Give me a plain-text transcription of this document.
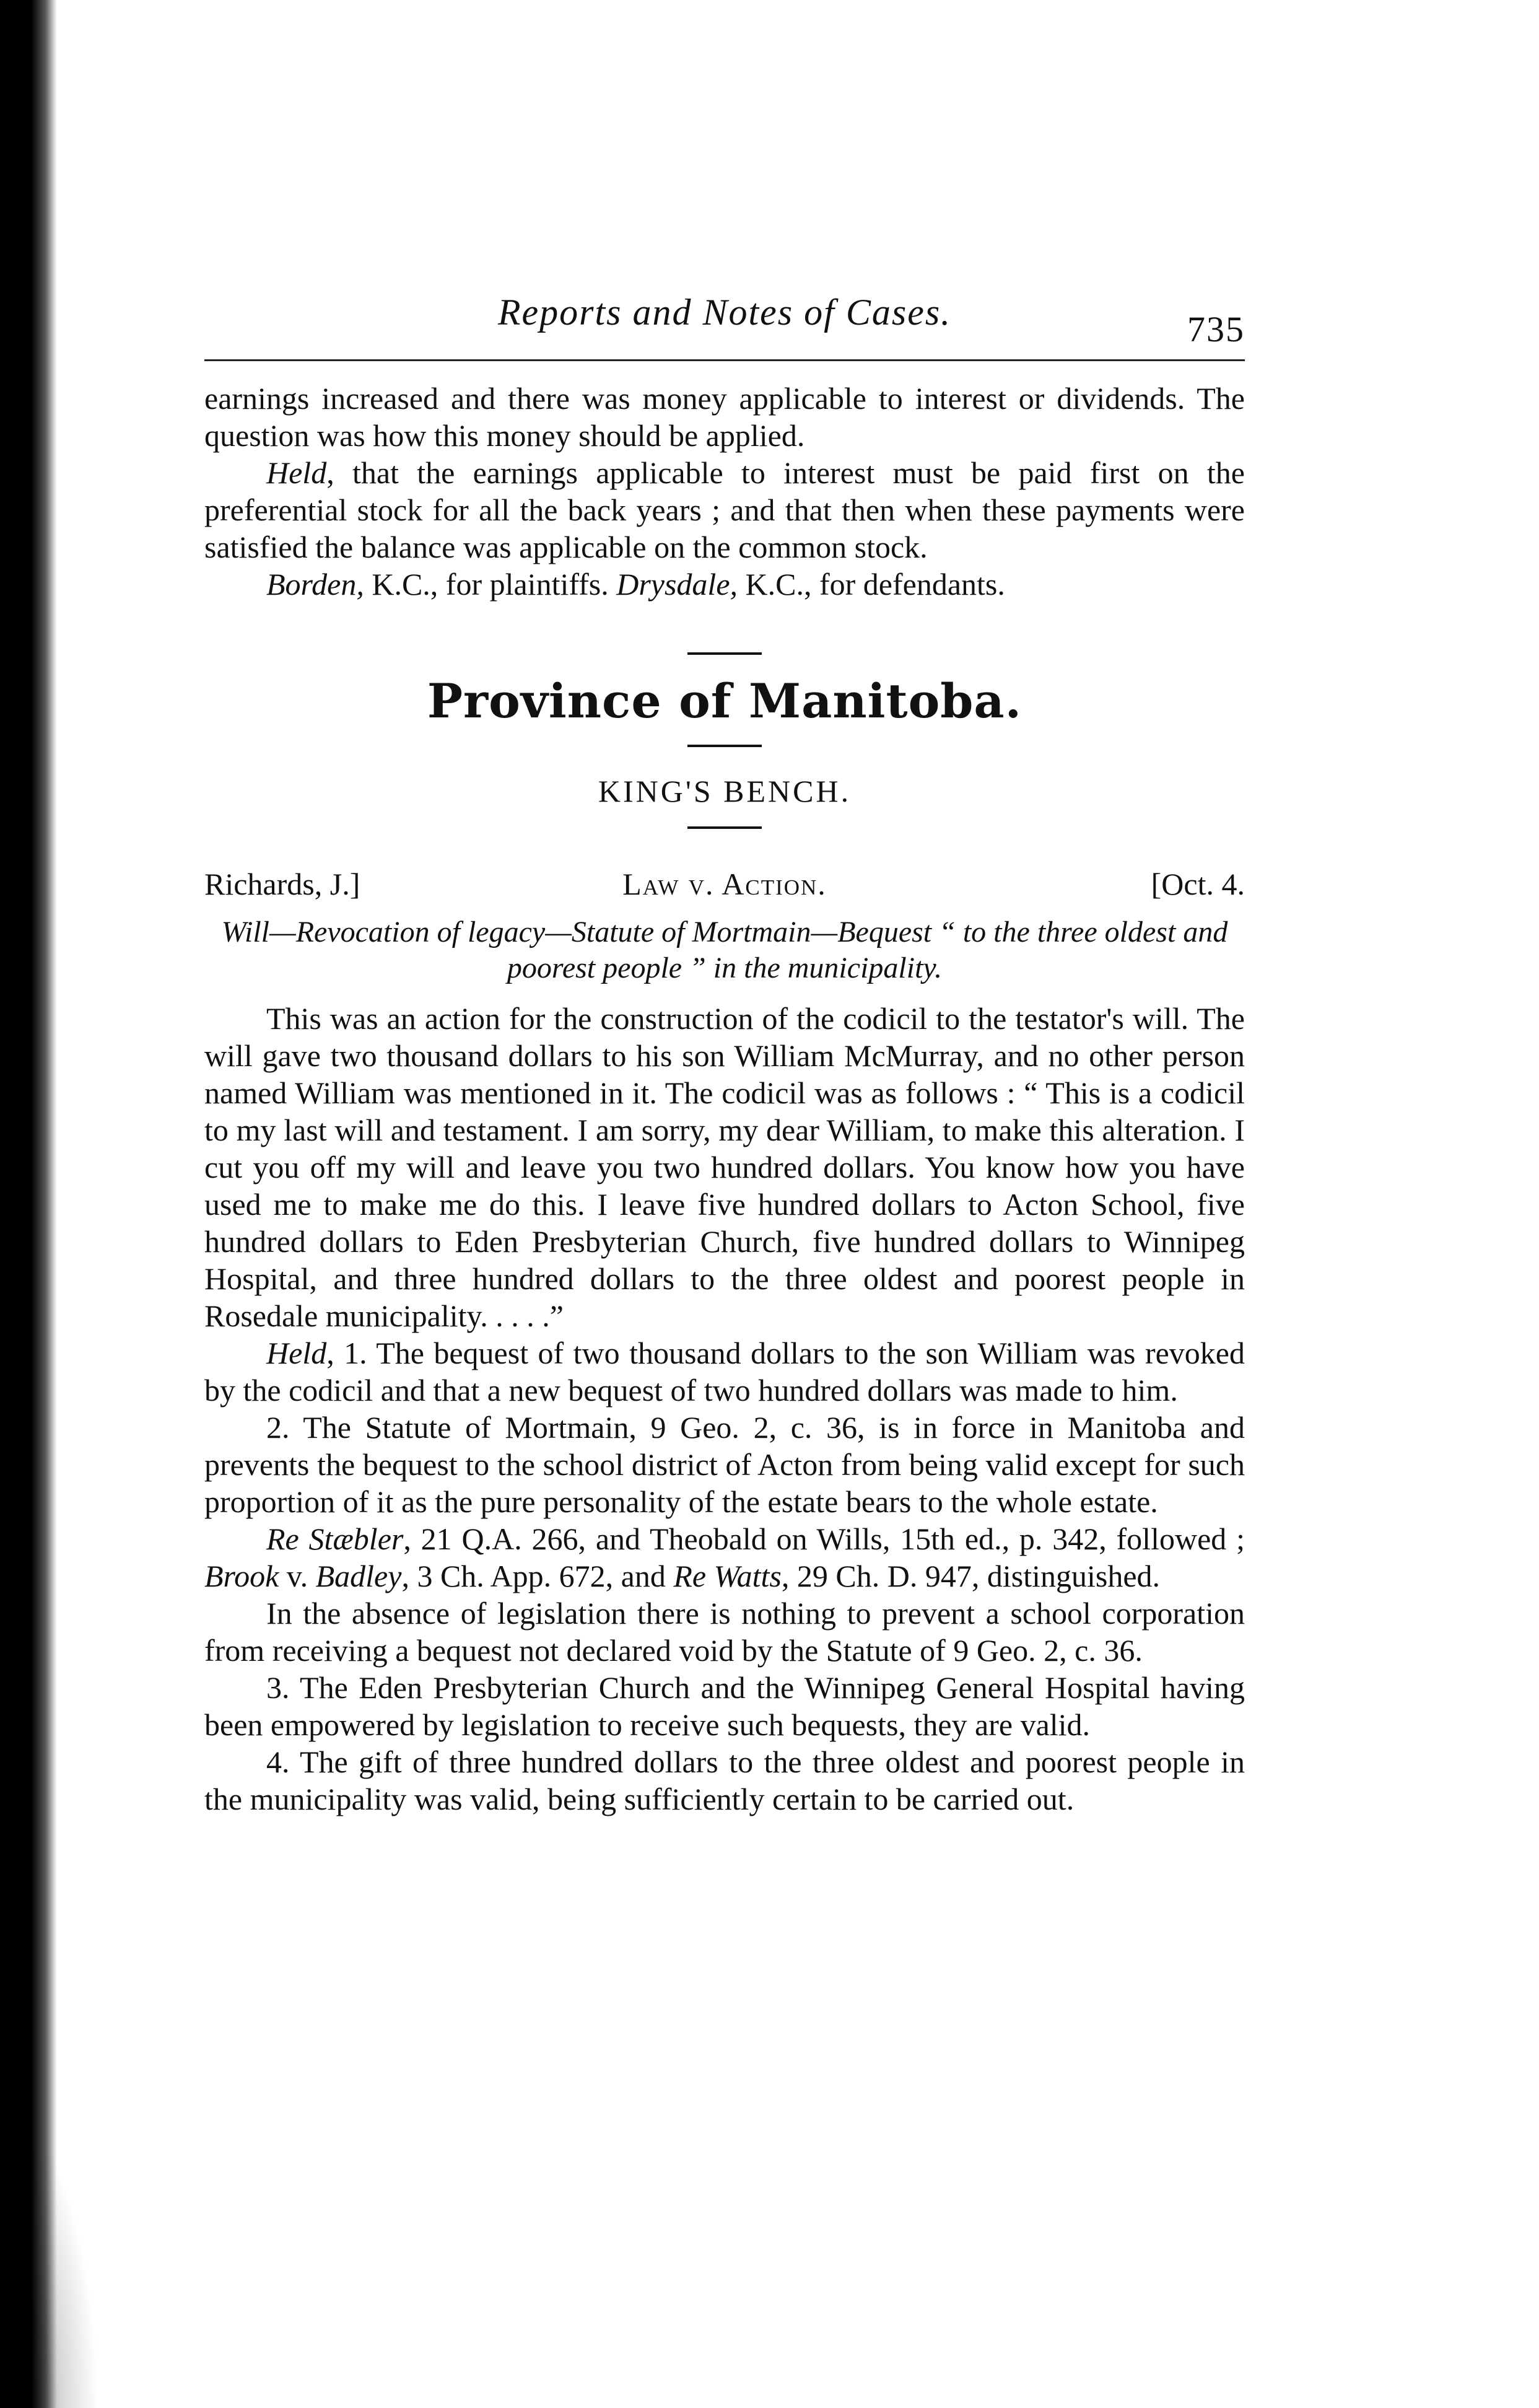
Reports and Notes of Cases.	735

earnings increased and there was money applicable to interest or dividends. The question was how this money should be applied.

Held, that the earnings applicable to interest must be paid first on the preferential stock for all the back years ; and that then when these payments were satisfied the balance was applicable on the common stock.

Borden, K.C., for plaintiffs. Drysdale, K.C., for defendants.

Province of Manitoba.
KING'S BENCH.
Richards, J.]	Law v. Action.	[Oct. 4.
Will—Revocation of legacy—Statute of Mortmain—Bequest “ to the three oldest and poorest people ” in the municipality.

This was an action for the construction of the codicil to the testator's will. The will gave two thousand dollars to his son William McMurray, and no other person named William was mentioned in it. The codicil was as follows : “ This is a codicil to my last will and testament. I am sorry, my dear William, to make this alteration. I cut you off my will and leave you two hundred dollars. You know how you have used me to make me do this. I leave five hundred dollars to Acton School, five hundred dollars to Eden Presbyterian Church, five hundred dollars to Winnipeg Hospital, and three hundred dollars to the three oldest and poorest people in Rosedale municipality. . . . .”

Held, 1. The bequest of two thousand dollars to the son William was revoked by the codicil and that a new bequest of two hundred dollars was made to him.

2. The Statute of Mortmain, 9 Geo. 2, c. 36, is in force in Manitoba and prevents the bequest to the school district of Acton from being valid except for such proportion of it as the pure personality of the estate bears to the whole estate.

Re Stæbler, 21 Q.A. 266, and Theobald on Wills, 15th ed., p. 342, followed ; Brook v. Badley, 3 Ch. App. 672, and Re Watts, 29 Ch. D. 947, distinguished.

In the absence of legislation there is nothing to prevent a school corporation from receiving a bequest not declared void by the Statute of 9 Geo. 2, c. 36.

3. The Eden Presbyterian Church and the Winnipeg General Hospital having been empowered by legislation to receive such bequests, they are valid.

4. The gift of three hundred dollars to the three oldest and poorest people in the municipality was valid, being sufficiently certain to be carried out.
